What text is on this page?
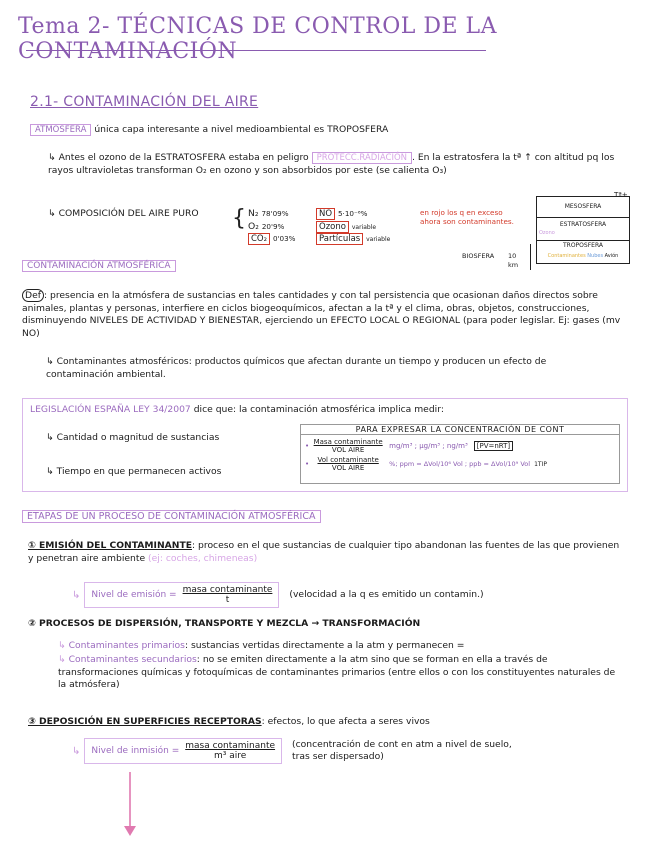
Tema 2- TÉCNICAS DE CONTROL DE LA CONTAMINACIÓN
2.1- CONTAMINACIÓN DEL AIRE
ATMOSFERA única capa interesante a nivel medioambiental es TROPOSFERA
↳ Antes el ozono de la ESTRATOSFERA estaba en peligro PROTECC.RADIACIÓN . En la estratosfera la tª ↑ con altitud pq los rayos ultravioletas transforman O₂ en ozono y son absorbidos por este (se calienta O₃)
↳ COMPOSICIÓN DEL AIRE PURO { N₂ 78'09%
O₂ 20'9%
CO₂ 0'03%
NO 5·10⁻⁶%
Ozono variable
Partículas variable
en rojo los q en exceso ahora son contaminantes.
MESOSFERA
ESTRATOSFERA
Ozono
TROPOSFERA
Contaminantes Nubes Avión
Tª+
BIOSFERA 10 km
CONTAMINACIÓN ATMOSFÉRICA
Def : presencia en la atmósfera de sustancias en tales cantidades y con tal persistencia que ocasionan daños directos sobre animales, plantas y personas, interfiere en ciclos biogeoquímicos, afectan a la tª y el clima, obras, objetos, construcciones, disminuyendo NIVELES DE ACTIVIDAD Y BIENESTAR, ejerciendo un EFECTO LOCAL O REGIONAL (para poder legislar. Ej: gases (mv NO)
↳ Contaminantes atmosféricos: productos químicos que afectan durante un tiempo y producen un efecto de contaminación ambiental.
LEGISLACIÓN ESPAÑA LEY 34/2007 dice que: la contaminación atmosférica implica medir:
↳ Cantidad o magnitud de sustancias
↳ Tiempo en que permanecen activos
PARA EXPRESAR LA CONCENTRACIÓN DE CONT
• Masa contaminante
VOL AIRE	mg/m³ ; µg/m³ ; ng/m³	[PV=nRT]
•	Vol contaminante
VOL AIRE	%; ppm = ΔVol/10⁶ Vol ; ppb = ΔVol/10⁹ Vol 1TIP
ETAPAS DE UN PROCESO DE CONTAMINACIÓN ATMOSFÉRICA
① EMISIÓN DEL CONTAMINANTE: proceso en el que sustancias de cualquier tipo abandonan las fuentes de las que provienen y penetran aire ambiente (ej: coches, chimeneas)
↳ Nivel de emisión = masa contaminante
t
(velocidad a la q es emitido un contamin.)
② PROCESOS DE DISPERSIÓN, TRANSPORTE Y MEZCLA → TRANSFORMACIÓN
↳ Contaminantes primarios: sustancias vertidas directamente a la atm y permanecen =
↳ Contaminantes secundarios: no se emiten directamente a la atm sino que se forman en ella a través de transformaciones químicas y fotoquímicas de contaminantes primarios (entre ellos o con los constituyentes naturales de la atmósfera)
③ DEPOSICIÓN EN SUPERFICIES RECEPTORAS: efectos, lo que afecta a seres vivos
↳ Nivel de inmisión = masa contaminante
m³ aire
(concentración de cont en atm a nivel de suelo, tras ser dispersado)
